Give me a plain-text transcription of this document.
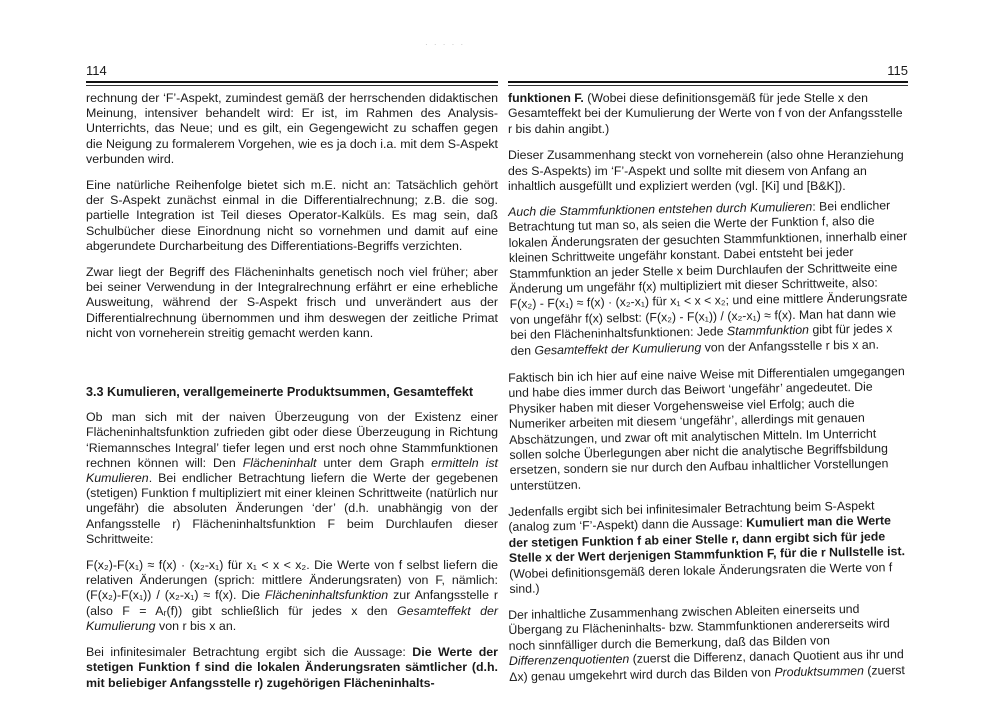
· · · · ·
114

rechnung der ‘F’-Aspekt, zumindest gemäß der herrschenden didaktischen Meinung, intensiver behandelt wird: Er ist, im Rahmen des Analysis-Unterrichts, das Neue; und es gilt, ein Gegengewicht zu schaffen gegen die Neigung zu formalerem Vorgehen, wie es ja doch i.a. mit dem S-Aspekt verbunden wird.

Eine natürliche Reihenfolge bietet sich m.E. nicht an: Tatsächlich gehört der S-Aspekt zunächst einmal in die Differentialrechnung; z.B. die sog. partielle Integration ist Teil dieses Operator-Kalküls. Es mag sein, daß Schulbücher diese Einordnung nicht so vornehmen und damit auf eine abgerundete Durcharbeitung des Differentiations-Begriffs verzichten.

Zwar liegt der Begriff des Flächeninhalts genetisch noch viel früher; aber bei seiner Verwendung in der Integralrechnung erfährt er eine erhebliche Ausweitung, während der S-Aspekt frisch und unverändert aus der Differentialrechnung übernommen und ihm deswegen der zeitliche Primat nicht von vorneherein streitig gemacht werden kann.

3.3 Kumulieren, verallgemeinerte Produktsummen, Gesamteffekt

Ob man sich mit der naiven Überzeugung von der Existenz einer Flächeninhaltsfunktion zufrieden gibt oder diese Überzeugung in Richtung ‘Riemannsches Integral’ tiefer legen und erst noch ohne Stammfunktionen rechnen können will: Den Flächeninhalt unter dem Graph ermitteln ist Kumulieren. Bei endlicher Betrachtung liefern die Werte der gegebenen (stetigen) Funktion f multipliziert mit einer kleinen Schrittweite (natürlich nur ungefähr) die absoluten Änderungen ‘der’ (d.h. unabhängig von der Anfangsstelle r) Flächeninhaltsfunktion F beim Durchlaufen dieser Schrittweite:

F(x₂)-F(x₁) ≈ f(x) · (x₂-x₁) für x₁ < x < x₂. Die Werte von f selbst liefern die relativen Änderungen (sprich: mittlere Änderungsraten) von F, nämlich: (F(x₂)-F(x₁)) / (x₂-x₁) ≈ f(x). Die Flächeninhaltsfunktion zur Anfangsstelle r (also F = Aᵣ(f)) gibt schließlich für jedes x den Gesamteffekt der Kumulierung von r bis x an.

Bei infinitesimaler Betrachtung ergibt sich die Aussage: Die Werte der stetigen Funktion f sind die lokalen Änderungsraten sämtlicher (d.h. mit beliebiger Anfangsstelle r) zugehörigen Flächeninhalts-

115

funktionen F. (Wobei diese definitionsgemäß für jede Stelle x den Gesamteffekt bei der Kumulierung der Werte von f von der Anfangsstelle r bis dahin angibt.)

Dieser Zusammenhang steckt von vorneherein (also ohne Heranziehung des S-Aspekts) im ‘F’-Aspekt und sollte mit diesem von Anfang an inhaltlich ausgefüllt und expliziert werden (vgl. [Ki] und [B&K]).

Auch die Stammfunktionen entstehen durch Kumulieren: Bei endlicher Betrachtung tut man so, als seien die Werte der Funktion f, also die lokalen Änderungsraten der gesuchten Stammfunktionen, innerhalb einer kleinen Schrittweite ungefähr konstant. Dabei entsteht bei jeder Stammfunktion an jeder Stelle x beim Durchlaufen der Schrittweite eine Änderung um ungefähr f(x) multipliziert mit dieser Schrittweite, also: F(x₂) - F(x₁) ≈ f(x) · (x₂-x₁) für x₁ < x < x₂; und eine mittlere Änderungsrate von ungefähr f(x) selbst: (F(x₂) - F(x₁)) / (x₂-x₁) ≈ f(x). Man hat dann wie bei den Flächeninhaltsfunktionen: Jede Stammfunktion gibt für jedes x den Gesamteffekt der Kumulierung von der Anfangsstelle r bis x an.

Faktisch bin ich hier auf eine naive Weise mit Differentialen umgegangen und habe dies immer durch das Beiwort ‘ungefähr’ angedeutet. Die Physiker haben mit dieser Vorgehensweise viel Erfolg; auch die Numeriker arbeiten mit diesem ‘ungefähr’, allerdings mit genauen Abschätzungen, und zwar oft mit analytischen Mitteln. Im Unterricht sollen solche Überlegungen aber nicht die analytische Begriffsbildung ersetzen, sondern sie nur durch den Aufbau inhaltlicher Vorstellungen unterstützen.

Jedenfalls ergibt sich bei infinitesimaler Betrachtung beim S-Aspekt (analog zum ‘F’-Aspekt) dann die Aussage: Kumuliert man die Werte der stetigen Funktion f ab einer Stelle r, dann ergibt sich für jede Stelle x der Wert derjenigen Stammfunktion F, für die r Nullstelle ist. (Wobei definitionsgemäß deren lokale Änderungsraten die Werte von f sind.)

Der inhaltliche Zusammenhang zwischen Ableiten einerseits und Übergang zu Flächeninhalts- bzw. Stammfunktionen andererseits wird noch sinnfälliger durch die Bemerkung, daß das Bilden von Differenzenquotienten (zuerst die Differenz, danach Quotient aus ihr und Δx) genau umgekehrt wird durch das Bilden von Produktsummen (zuerst
